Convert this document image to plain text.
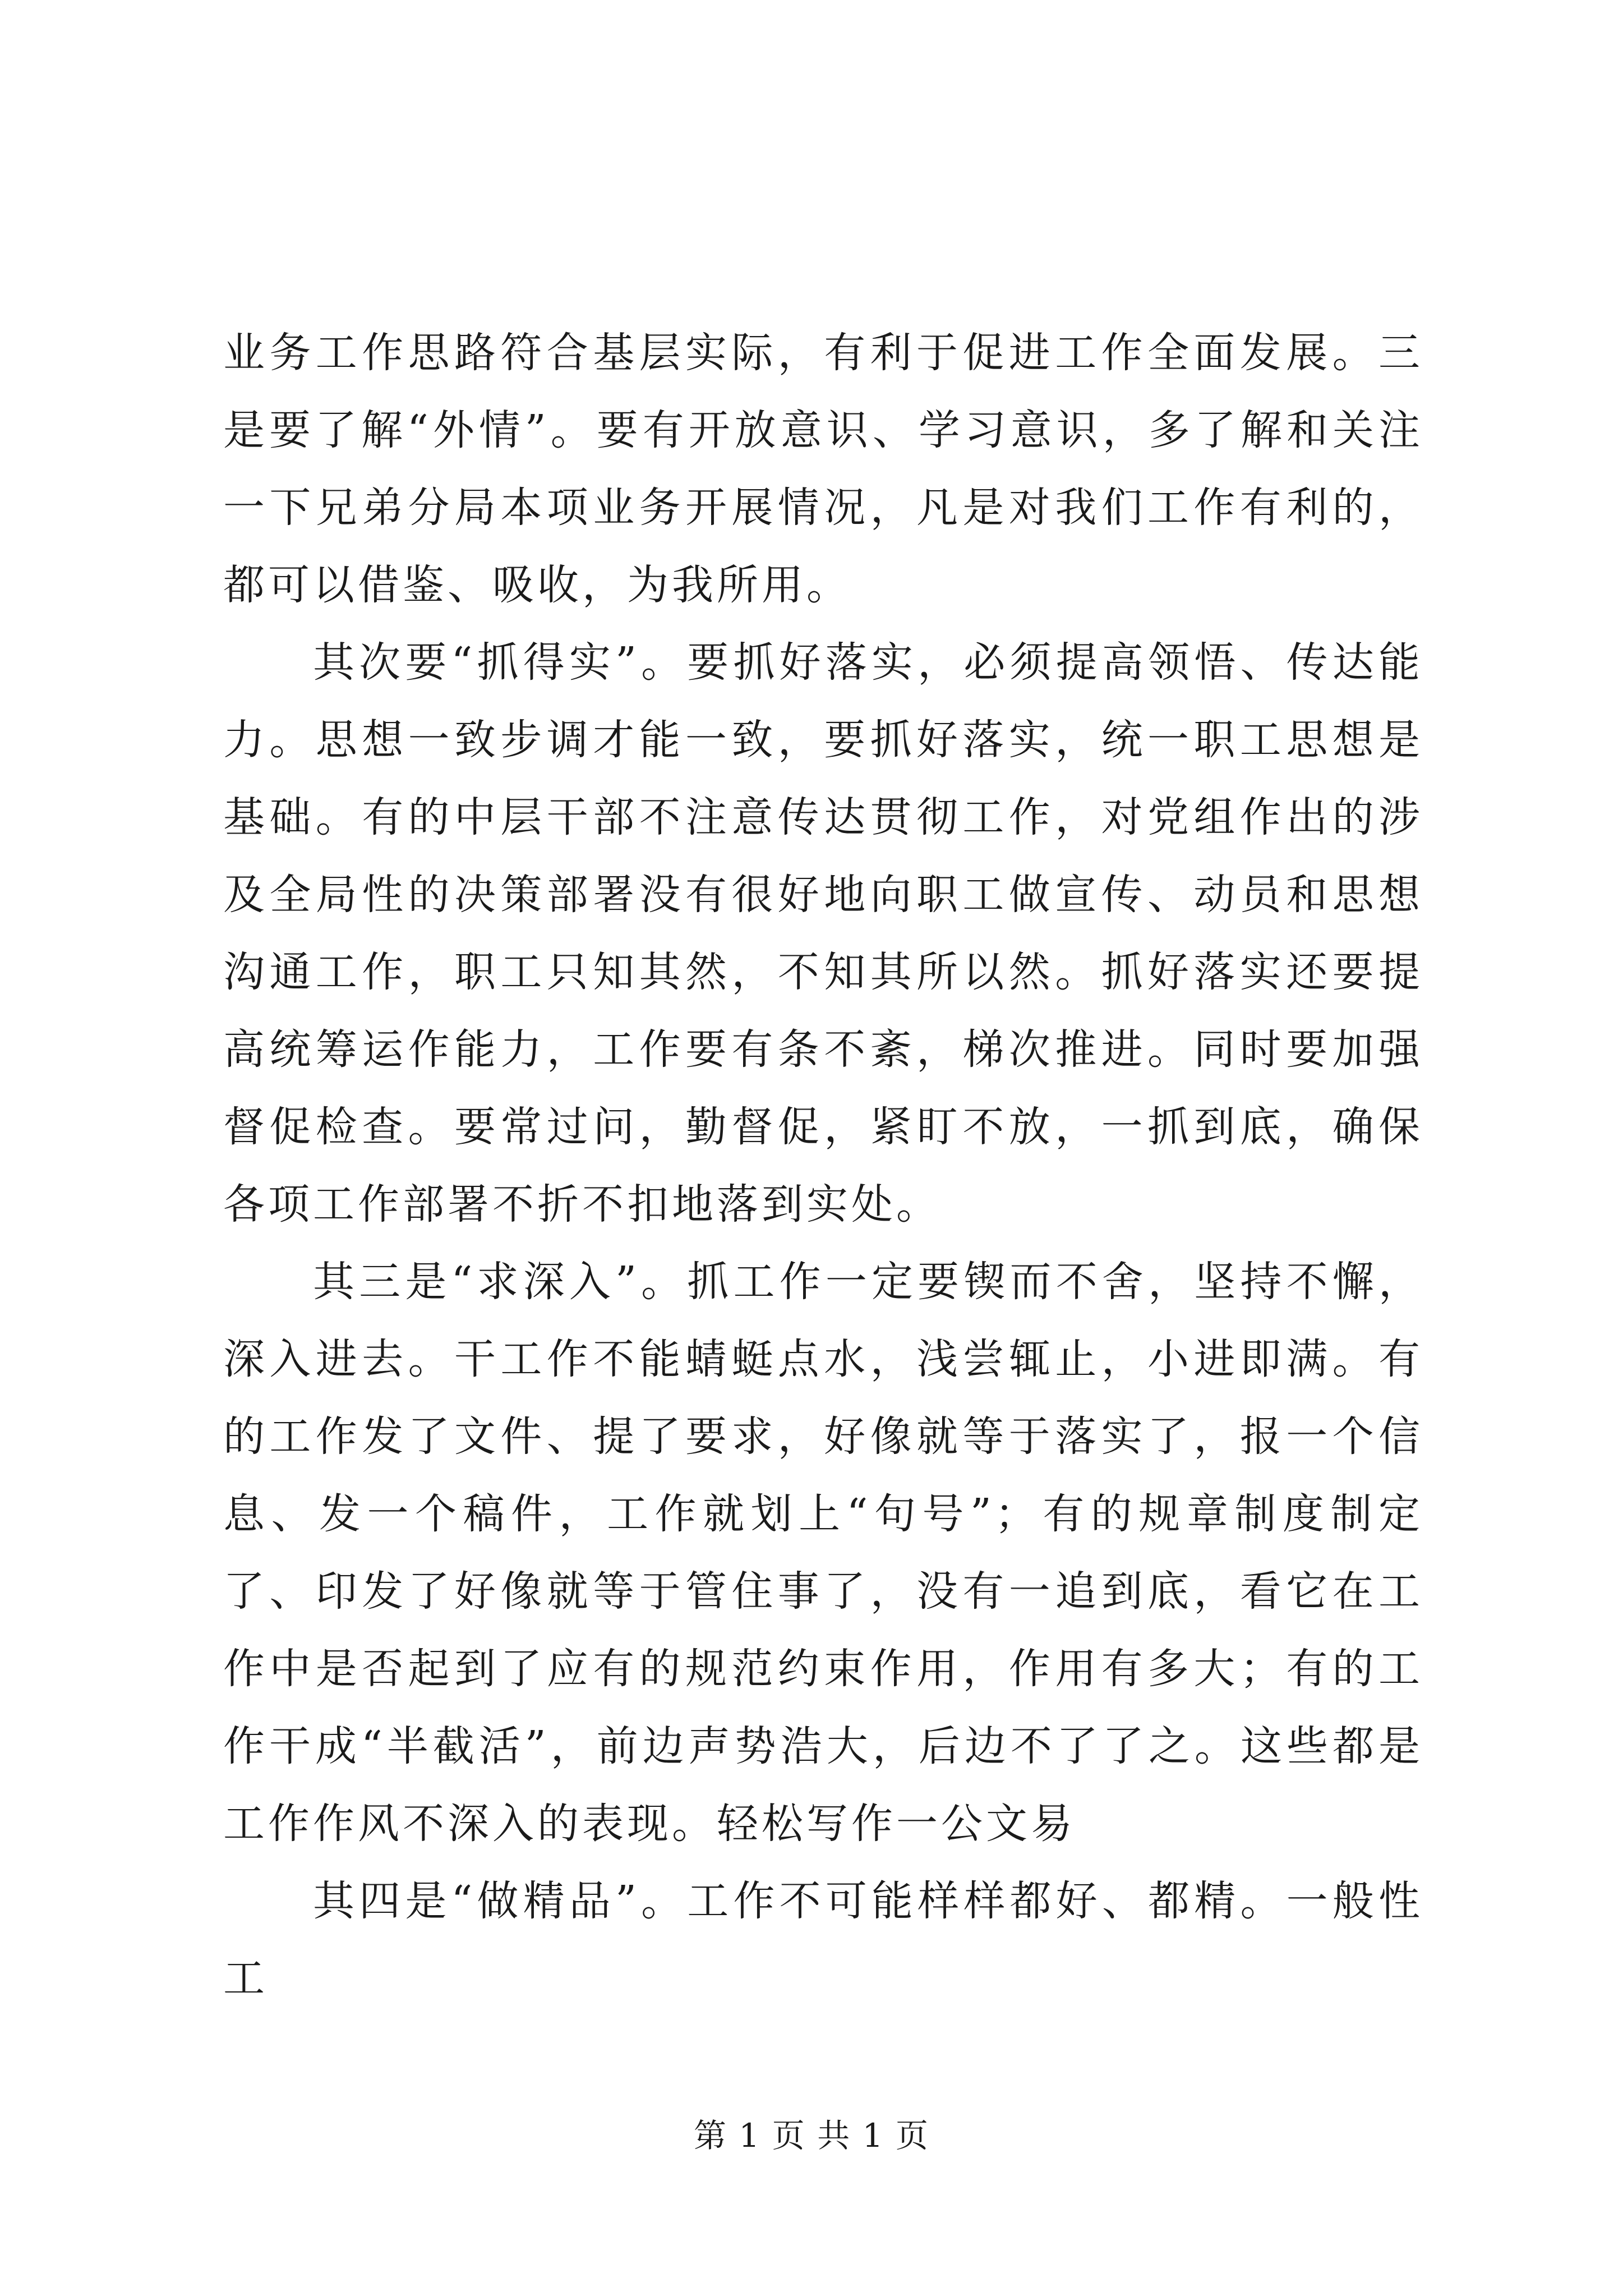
业务工作思路符合基层实际，有利于促进工作全面发展。三是要了解“外情”。要有开放意识、学习意识，多了解和关注一下兄弟分局本项业务开展情况，凡是对我们工作有利的，都可以借鉴、吸收，为我所用。

其次要“抓得实”。要抓好落实，必须提高领悟、传达能力。思想一致步调才能一致，要抓好落实，统一职工思想是基础。有的中层干部不注意传达贯彻工作，对党组作出的涉及全局性的决策部署没有很好地向职工做宣传、动员和思想沟通工作，职工只知其然，不知其所以然。抓好落实还要提高统筹运作能力，工作要有条不紊，梯次推进。同时要加强督促检查。要常过问，勤督促，紧盯不放，一抓到底，确保各项工作部署不折不扣地落到实处。

其三是“求深入”。抓工作一定要锲而不舍，坚持不懈，深入进去。干工作不能蜻蜓点水，浅尝辄止，小进即满。有的工作发了文件、提了要求，好像就等于落实了，报一个信息、发一个稿件，工作就划上“句号”；有的规章制度制定了、印发了好像就等于管住事了，没有一追到底，看它在工作中是否起到了应有的规范约束作用，作用有多大；有的工作干成“半截活”，前边声势浩大，后边不了了之。这些都是工作作风不深入的表现。轻松写作一公文易

其四是“做精品”。工作不可能样样都好、都精。一般性工

第 1 页 共 1 页
